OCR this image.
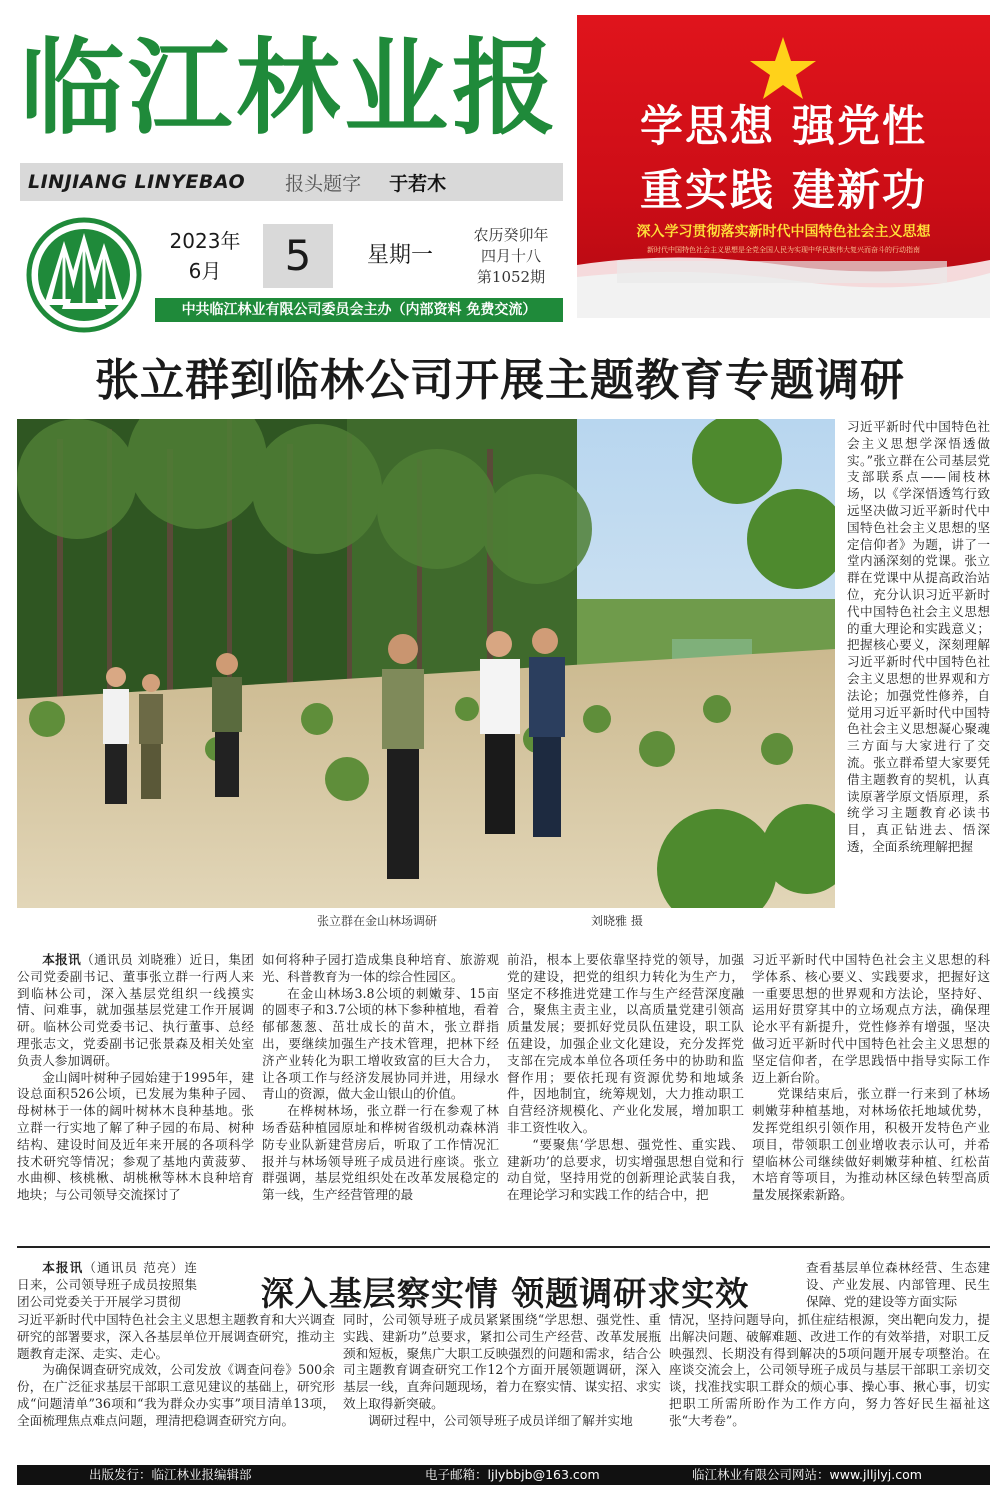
临江林业报
LINJIANG LINYEBAO 报头题字 于若木
2023年
6月	5	星期一
农历癸卯年
四月十八
第1052期
中共临江林业有限公司委员会主办（内部资料 免费交流）
学思想 强党性
重实践 建新功
深入学习贯彻落实新时代中国特色社会主义思想
新时代中国特色社会主义思想是全党全国人民为实现中华民族伟大复兴而奋斗的行动指南
张立群到临林公司开展主题教育专题调研
张立群在金山林场调研	刘晓雅 摄

习近平新时代中国特色社会主义思想学深悟透做实。”张立群在公司基层党支部联系点——闹枝林场，以《学深悟透笃行致远坚决做习近平新时代中国特色社会主义思想的坚定信仰者》为题，讲了一堂内涵深刻的党课。张立群在党课中从提高政治站位，充分认识习近平新时代中国特色社会主义思想的重大理论和实践意义；把握核心要义，深刻理解习近平新时代中国特色社会主义思想的世界观和方法论；加强党性修养，自觉用习近平新时代中国特色社会主义思想凝心聚魂三方面与大家进行了交流。张立群希望大家要凭借主题教育的契机，认真读原著学原文悟原理，系统学习主题教育必读书目，真正钻进去、悟深透，全面系统理解把握

本报讯（通讯员 刘晓雅）近日，集团公司党委副书记、董事张立群一行两人来到临林公司，深入基层党组织一线摸实情、问难事，就加强基层党建工作开展调研。临林公司党委书记、执行董事、总经理张志文，党委副书记张景森及相关处室负责人参加调研。

金山阔叶树种子园始建于1995年，建设总面积526公顷，已发展为集种子园、母树林于一体的阔叶树林木良种基地。张立群一行实地了解了种子园的布局、树种结构、建设时间及近年来开展的各项科学技术研究等情况；参观了基地内黄菠萝、水曲柳、核桃楸、胡桃楸等林木良种培育地块；与公司领导交流探讨了

如何将种子园打造成集良种培育、旅游观光、科普教育为一体的综合性园区。

在金山林场3.8公顷的刺嫩芽、15亩的圆枣子和3.7公顷的林下参种植地，看着郁郁葱葱、茁壮成长的苗木，张立群指出，要继续加强生产技术管理，把林下经济产业转化为职工增收致富的巨大合力，让各项工作与经济发展协同并进，用绿水青山的资源，做大金山银山的价值。

在桦树林场，张立群一行在参观了林场香菇种植园原址和桦树省级机动森林消防专业队新建营房后，听取了工作情况汇报并与林场领导班子成员进行座谈。张立群强调，基层党组织处在改革发展稳定的第一线，生产经营管理的最

前沿，根本上要依靠坚持党的领导，加强党的建设，把党的组织力转化为生产力，坚定不移推进党建工作与生产经营深度融合，聚焦主责主业，以高质量党建引领高质量发展；要抓好党员队伍建设，职工队伍建设，加强企业文化建设，充分发挥党支部在完成本单位各项任务中的协助和监督作用；要依托现有资源优势和地域条件，因地制宜，统筹规划，大力推动职工自营经济规模化、产业化发展，增加职工非工资性收入。

“要聚焦‘学思想、强党性、重实践、建新功’的总要求，切实增强思想自觉和行动自觉，坚持用党的创新理论武装自我，在理论学习和实践工作的结合中，把

习近平新时代中国特色社会主义思想的科学体系、核心要义、实践要求，把握好这一重要思想的世界观和方法论，坚持好、运用好贯穿其中的立场观点方法，确保理论水平有新提升，党性修养有增强，坚决做习近平新时代中国特色社会主义思想的坚定信仰者，在学思践悟中指导实际工作迈上新台阶。

党课结束后，张立群一行来到了林场刺嫩芽种植基地，对林场依托地域优势，发挥党组织引领作用，积极开发特色产业项目，带领职工创业增收表示认可，并希望临林公司继续做好刺嫩芽种植、红松苗木培育等项目，为推动林区绿色转型高质量发展探索新路。

本报讯（通讯员 范亮）连日来，公司领导班子成员按照集团公司党委关于开展学习贯彻	深入基层察实情 领题调研求实效

查看基层单位森林经营、生态建设、产业发展、内部管理、民生保障、党的建设等方面实际

习近平新时代中国特色社会主义思想主题教育和大兴调查研究的部署要求，深入各基层单位开展调查研究，推动主题教育走深、走实、走心。

为确保调查研究成效，公司发放《调查问卷》500余份，在广泛征求基层干部职工意见建议的基础上，研究形成“问题清单”36项和“我为群众办实事”项目清单13项，全面梳理焦点难点问题，理清把稳调查研究方向。

同时，公司领导班子成员紧紧围绕“学思想、强党性、重实践、建新功”总要求，紧扣公司生产经营、改革发展瓶颈和短板，聚焦广大职工反映强烈的问题和需求，结合公司主题教育调查研究工作12个方面开展领题调研，深入基层一线，直奔问题现场，着力在察实情、谋实招、求实效上取得新突破。

调研过程中，公司领导班子成员详细了解并实地

情况，坚持问题导向，抓住症结根源，突出靶向发力，提出解决问题、破解难题、改进工作的有效举措，对职工反映强烈、长期没有得到解决的5项问题开展专项整治。在座谈交流会上，公司领导班子成员与基层干部职工亲切交谈，找准找实职工群众的烦心事、操心事、揪心事，切实把职工所需所盼作为工作方向，努力答好民生福祉这张“大考卷”。

出版发行：临江林业报编辑部	电子邮箱：ljlybbjb@163.com	临江林业有限公司网站：www.jlljlyj.com
